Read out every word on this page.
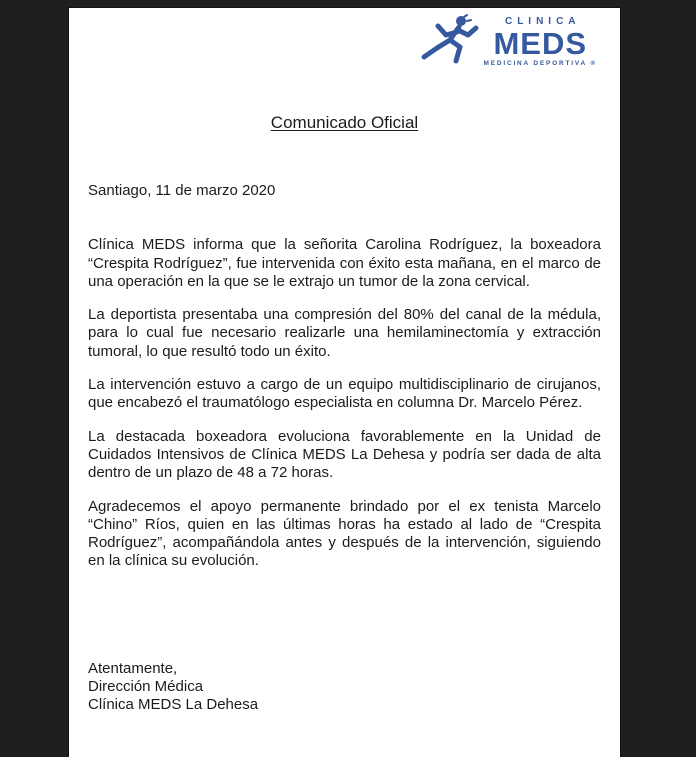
CLINICA
MEDS
MEDICINA DEPORTIVA ®
Comunicado Oficial
Santiago, 11 de marzo 2020

Clínica MEDS informa que la señorita Carolina Rodríguez, la boxeadora “Crespita Rodríguez”, fue intervenida con éxito esta mañana, en el marco de una operación en la que se le extrajo un tumor de la zona cervical.

La deportista presentaba una compresión del 80% del canal de la médula, para lo cual fue necesario realizarle una hemilaminectomía y extracción tumoral, lo que resultó todo un éxito.

La intervención estuvo a cargo de un equipo multidisciplinario de cirujanos, que encabezó el traumatólogo especialista en columna Dr. Marcelo Pérez.

La destacada boxeadora evoluciona favorablemente en la Unidad de Cuidados Intensivos de Clínica MEDS La Dehesa y podría ser dada de alta dentro de un plazo de 48 a 72 horas.

Agradecemos el apoyo permanente brindado por el ex tenista Marcelo “Chino” Ríos, quien en las últimas horas ha estado al lado de “Crespita Rodríguez”, acompañándola antes y después de la intervención, siguiendo en la clínica su evolución.

Atentamente,
Dirección Médica
Clínica MEDS La Dehesa
